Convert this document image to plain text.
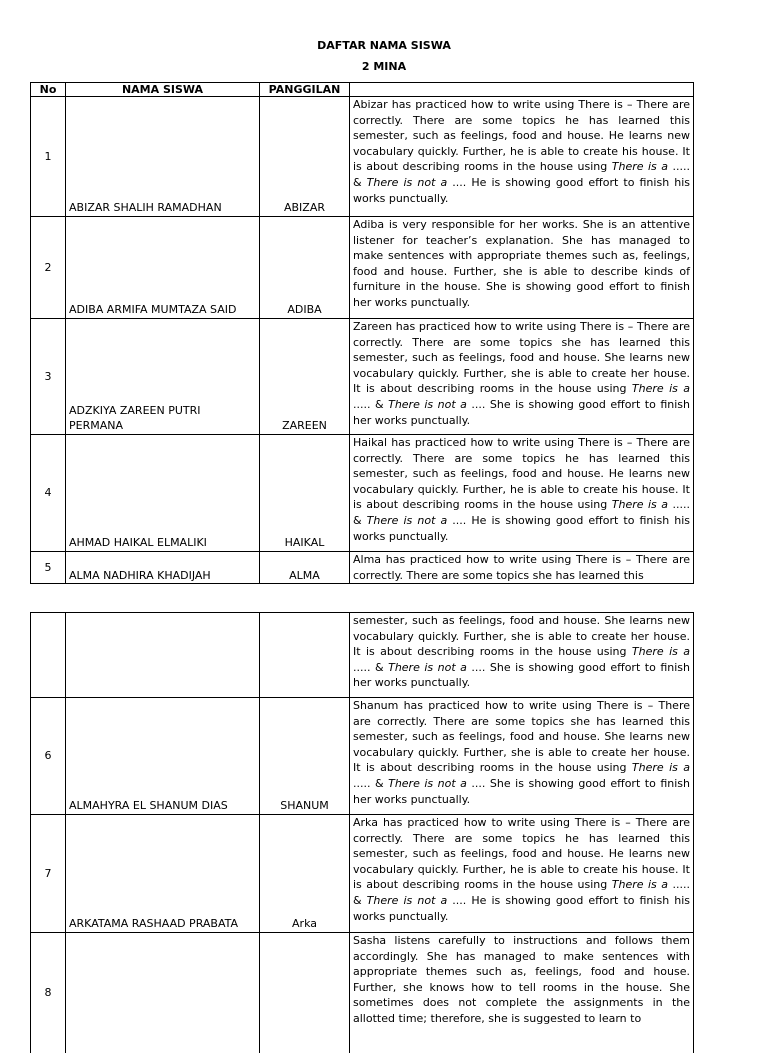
DAFTAR NAMA SISWA
2 MINA
No	NAMA SISWA	PANGGILAN	
1	ABIZAR SHALIH RAMADHAN	ABIZAR	Abizar has practiced how to write using There is – There are correctly. There are some topics he has learned this semester, such as feelings, food and house. He learns new vocabulary quickly. Further, he is able to create his house. It is about describing rooms in the house using There is a ..... & There is not a .... He is showing good effort to finish his works punctually.
2	ADIBA ARMIFA MUMTAZA SAID	ADIBA	Adiba is very responsible for her works. She is an attentive listener for teacher’s explanation. She has managed to make sentences with appropriate themes such as, feelings, food and house. Further, she is able to describe kinds of furniture in the house. She is showing good effort to finish her works punctually.
3	ADZKIYA ZAREEN PUTRI PERMANA	ZAREEN	Zareen has practiced how to write using There is – There are correctly. There are some topics she has learned this semester, such as feelings, food and house. She learns new vocabulary quickly. Further, she is able to create her house. It is about describing rooms in the house using There is a ..... & There is not a .... She is showing good effort to finish her works punctually.
4	AHMAD HAIKAL ELMALIKI	HAIKAL	Haikal has practiced how to write using There is – There are correctly. There are some topics he has learned this semester, such as feelings, food and house. He learns new vocabulary quickly. Further, he is able to create his house. It is about describing rooms in the house using There is a ..... & There is not a .... He is showing good effort to finish his works punctually.
5	ALMA NADHIRA KHADIJAH	ALMA	Alma has practiced how to write using There is – There are correctly. There are some topics she has learned this
			semester, such as feelings, food and house. She learns new vocabulary quickly. Further, she is able to create her house. It is about describing rooms in the house using There is a ..... & There is not a .... She is showing good effort to finish her works punctually.
6	ALMAHYRA EL SHANUM DIAS	SHANUM	Shanum has practiced how to write using There is – There are correctly. There are some topics she has learned this semester, such as feelings, food and house. She learns new vocabulary quickly. Further, she is able to create her house. It is about describing rooms in the house using There is a ..... & There is not a .... She is showing good effort to finish her works punctually.
7	ARKATAMA RASHAAD PRABATA	Arka	Arka has practiced how to write using There is – There are correctly. There are some topics he has learned this semester, such as feelings, food and house. He learns new vocabulary quickly. Further, he is able to create his house. It is about describing rooms in the house using There is a ..... & There is not a .... He is showing good effort to finish his works punctually.
8			Sasha listens carefully to instructions and follows them accordingly. She has managed to make sentences with appropriate themes such as, feelings, food and house. Further, she knows how to tell rooms in the house. She sometimes does not complete the assignments in the allotted time; therefore, she is suggested to learn to
